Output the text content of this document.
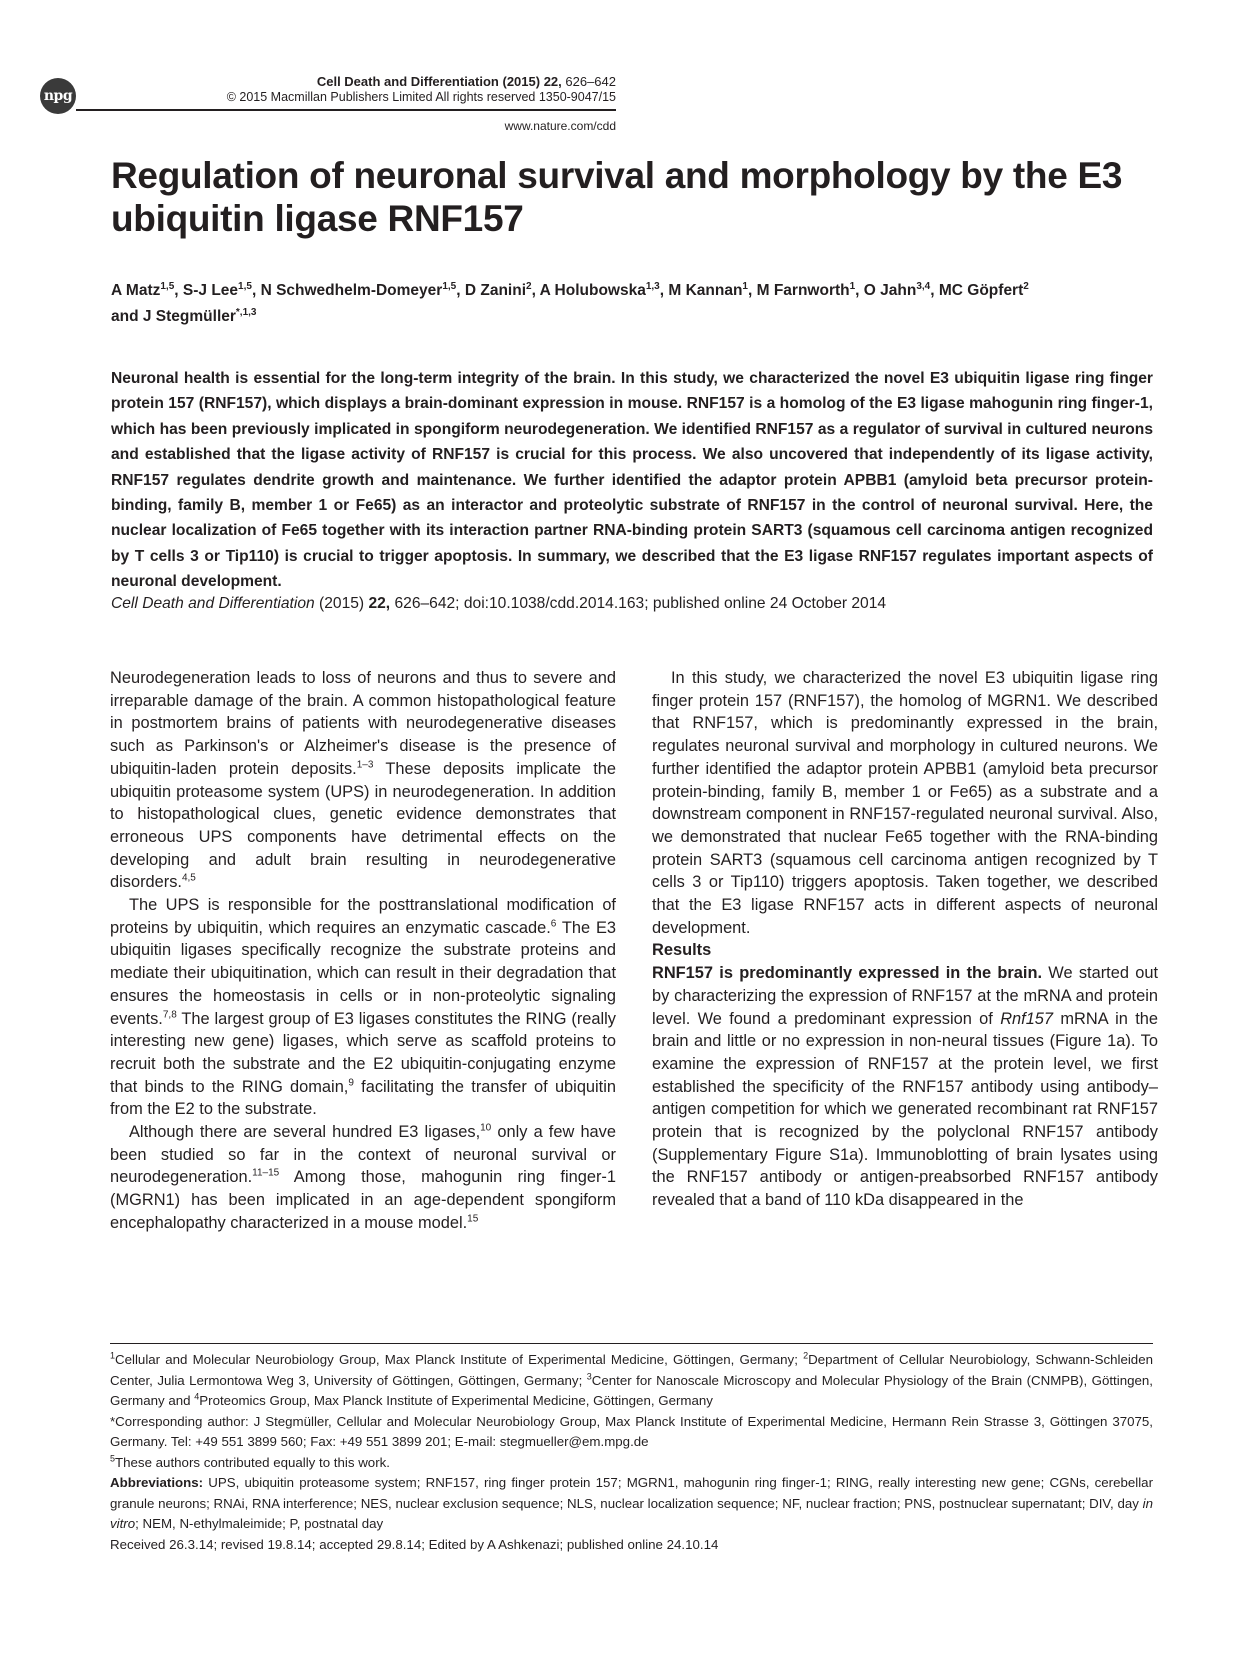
npg
Cell Death and Differentiation (2015) 22, 626–642
© 2015 Macmillan Publishers Limited All rights reserved 1350-9047/15
www.nature.com/cdd
Regulation of neuronal survival and morphology by the E3 ubiquitin ligase RNF157
A Matz$^{1,5}$, S-J Lee$^{1,5}$, N Schwedhelm-Domeyer$^{1,5}$, D Zanini$^2$, A Holubowska$^{1,3}$, M Kannan$^1$, M Farnworth$^1$, O Jahn$^{3,4}$, MC Göpfert$^2$
and J Stegmüller$^{*,1,3}$
Neuronal health is essential for the long-term integrity of the brain. In this study, we characterized the novel E3 ubiquitin ligase ring finger protein 157 (RNF157), which displays a brain-dominant expression in mouse. RNF157 is a homolog of the E3 ligase mahogunin ring finger-1, which has been previously implicated in spongiform neurodegeneration. We identified RNF157 as a regulator of survival in cultured neurons and established that the ligase activity of RNF157 is crucial for this process. We also uncovered that independently of its ligase activity, RNF157 regulates dendrite growth and maintenance. We further identified the adaptor protein APBB1 (amyloid beta precursor protein-binding, family B, member 1 or Fe65) as an interactor and proteolytic substrate of RNF157 in the control of neuronal survival. Here, the nuclear localization of Fe65 together with its interaction partner RNA-binding protein SART3 (squamous cell carcinoma antigen recognized by T cells 3 or Tip110) is crucial to trigger apoptosis. In summary, we described that the E3 ligase RNF157 regulates important aspects of neuronal development.
Cell Death and Differentiation (2015) 22, 626–642; doi:10.1038/cdd.2014.163; published online 24 October 2014

Neurodegeneration leads to loss of neurons and thus to severe and irreparable damage of the brain. A common histopathological feature in postmortem brains of patients with neurodegenerative diseases such as Parkinson's or Alzheimer's disease is the presence of ubiquitin-laden protein deposits.$^{1-3}$ These deposits implicate the ubiquitin proteasome system (UPS) in neurodegeneration. In addition to histopathological clues, genetic evidence demonstrates that erroneous UPS components have detrimental effects on the developing and adult brain resulting in neurodegenerative disorders.$^{4,5}$

The UPS is responsible for the posttranslational modification of proteins by ubiquitin, which requires an enzymatic cascade.$^6$ The E3 ubiquitin ligases specifically recognize the substrate proteins and mediate their ubiquitination, which can result in their degradation that ensures the homeostasis in cells or in non-proteolytic signaling events.$^{7,8}$ The largest group of E3 ligases constitutes the RING (really interesting new gene) ligases, which serve as scaffold proteins to recruit both the substrate and the E2 ubiquitin-conjugating enzyme that binds to the RING domain,$^9$ facilitating the transfer of ubiquitin from the E2 to the substrate.

Although there are several hundred E3 ligases,$^{10}$ only a few have been studied so far in the context of neuronal survival or neurodegeneration.$^{11-15}$ Among those, mahogunin ring finger-1 (MGRN1) has been implicated in an age-dependent spongiform encephalopathy characterized in a mouse model.$^{15}$

In this study, we characterized the novel E3 ubiquitin ligase ring finger protein 157 (RNF157), the homolog of MGRN1. We described that RNF157, which is predominantly expressed in the brain, regulates neuronal survival and morphology in cultured neurons. We further identified the adaptor protein APBB1 (amyloid beta precursor protein-binding, family B, member 1 or Fe65) as a substrate and a downstream component in RNF157-regulated neuronal survival. Also, we demonstrated that nuclear Fe65 together with the RNA-binding protein SART3 (squamous cell carcinoma antigen recognized by T cells 3 or Tip110) triggers apoptosis. Taken together, we described that the E3 ligase RNF157 acts in different aspects of neuronal development.

Results

RNF157 is predominantly expressed in the brain. We started out by characterizing the expression of RNF157 at the mRNA and protein level. We found a predominant expression of Rnf157 mRNA in the brain and little or no expression in non-neural tissues (Figure 1a). To examine the expression of RNF157 at the protein level, we first established the specificity of the RNF157 antibody using antibody–antigen competition for which we generated recombinant rat RNF157 protein that is recognized by the polyclonal RNF157 antibody (Supplementary Figure S1a). Immunoblotting of brain lysates using the RNF157 antibody or antigen-preabsorbed RNF157 antibody revealed that a band of 110 kDa disappeared in the

$^1$Cellular and Molecular Neurobiology Group, Max Planck Institute of Experimental Medicine, Göttingen, Germany; $^2$Department of Cellular Neurobiology, Schwann-Schleiden Center, Julia Lermontowa Weg 3, University of Göttingen, Göttingen, Germany; $^3$Center for Nanoscale Microscopy and Molecular Physiology of the Brain (CNMPB), Göttingen, Germany and $^4$Proteomics Group, Max Planck Institute of Experimental Medicine, Göttingen, Germany

*Corresponding author: J Stegmüller, Cellular and Molecular Neurobiology Group, Max Planck Institute of Experimental Medicine, Hermann Rein Strasse 3, Göttingen 37075, Germany. Tel: +49 551 3899 560; Fax: +49 551 3899 201; E-mail: stegmueller@em.mpg.de

$^5$These authors contributed equally to this work.

Abbreviations: UPS, ubiquitin proteasome system; RNF157, ring finger protein 157; MGRN1, mahogunin ring finger-1; RING, really interesting new gene; CGNs, cerebellar granule neurons; RNAi, RNA interference; NES, nuclear exclusion sequence; NLS, nuclear localization sequence; NF, nuclear fraction; PNS, postnuclear supernatant; DIV, day in vitro; NEM, N-ethylmaleimide; P, postnatal day

Received 26.3.14; revised 19.8.14; accepted 29.8.14; Edited by A Ashkenazi; published online 24.10.14
